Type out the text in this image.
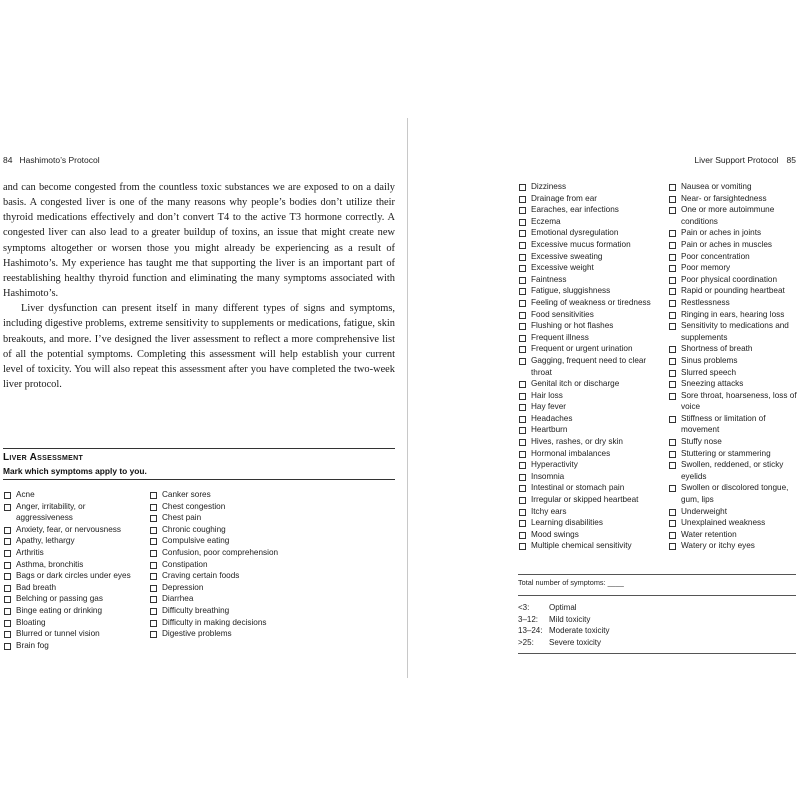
84 Hashimoto’s Protocol

and can become congested from the countless toxic substances we are exposed to on a daily basis. A congested liver is one of the many reasons why people’s bodies don’t utilize their thyroid medications effectively and don’t convert T4 to the active T3 hormone correctly. A congested liver can also lead to a greater buildup of toxins, an issue that might create new symptoms altogether or worsen those you might already be experiencing as a result of Hashimoto’s. My experience has taught me that supporting the liver is an important part of reestablishing healthy thyroid function and eliminating the many symptoms associated with Hashimoto’s.

Liver dysfunction can present itself in many different types of signs and symptoms, including digestive problems, extreme sensitivity to supplements or medications, fatigue, skin breakouts, and more. I’ve designed the liver assessment to reflect a more comprehensive list of all the potential symptoms. Completing this assessment will help establish your current level of toxicity. You will also repeat this assessment after you have completed the two-week liver protocol.

Liver Assessment
Mark which symptoms apply to you.
Acne
Anger, irritability, or aggressiveness
Anxiety, fear, or nervousness
Apathy, lethargy
Arthritis
Asthma, bronchitis
Bags or dark circles under eyes
Bad breath
Belching or passing gas
Binge eating or drinking
Bloating
Blurred or tunnel vision
Brain fog
Canker sores
Chest congestion
Chest pain
Chronic coughing
Compulsive eating
Confusion, poor comprehension
Constipation
Craving certain foods
Depression
Diarrhea
Difficulty breathing
Difficulty in making decisions
Digestive problems
Liver Support Protocol 85
Dizziness
Drainage from ear
Earaches, ear infections
Eczema
Emotional dysregulation
Excessive mucus formation
Excessive sweating
Excessive weight
Faintness
Fatigue, sluggishness
Feeling of weakness or tiredness
Food sensitivities
Flushing or hot flashes
Frequent illness
Frequent or urgent urination
Gagging, frequent need to clear throat
Genital itch or discharge
Hair loss
Hay fever
Headaches
Heartburn
Hives, rashes, or dry skin
Hormonal imbalances
Hyperactivity
Insomnia
Intestinal or stomach pain
Irregular or skipped heartbeat
Itchy ears
Learning disabilities
Mood swings
Multiple chemical sensitivity
Nausea or vomiting
Near- or farsightedness
One or more autoimmune conditions
Pain or aches in joints
Pain or aches in muscles
Poor concentration
Poor memory
Poor physical coordination
Rapid or pounding heartbeat
Restlessness
Ringing in ears, hearing loss
Sensitivity to medications and supplements
Shortness of breath
Sinus problems
Slurred speech
Sneezing attacks
Sore throat, hoarseness, loss of voice
Stiffness or limitation of movement
Stuffy nose
Stuttering or stammering
Swollen, reddened, or sticky eyelids
Swollen or discolored tongue, gum, lips
Underweight
Unexplained weakness
Water retention
Watery or itchy eyes
Total number of symptoms: ____
<3:	Optimal
3–12:	Mild toxicity
13–24: Moderate toxicity
>25:	Severe toxicity
